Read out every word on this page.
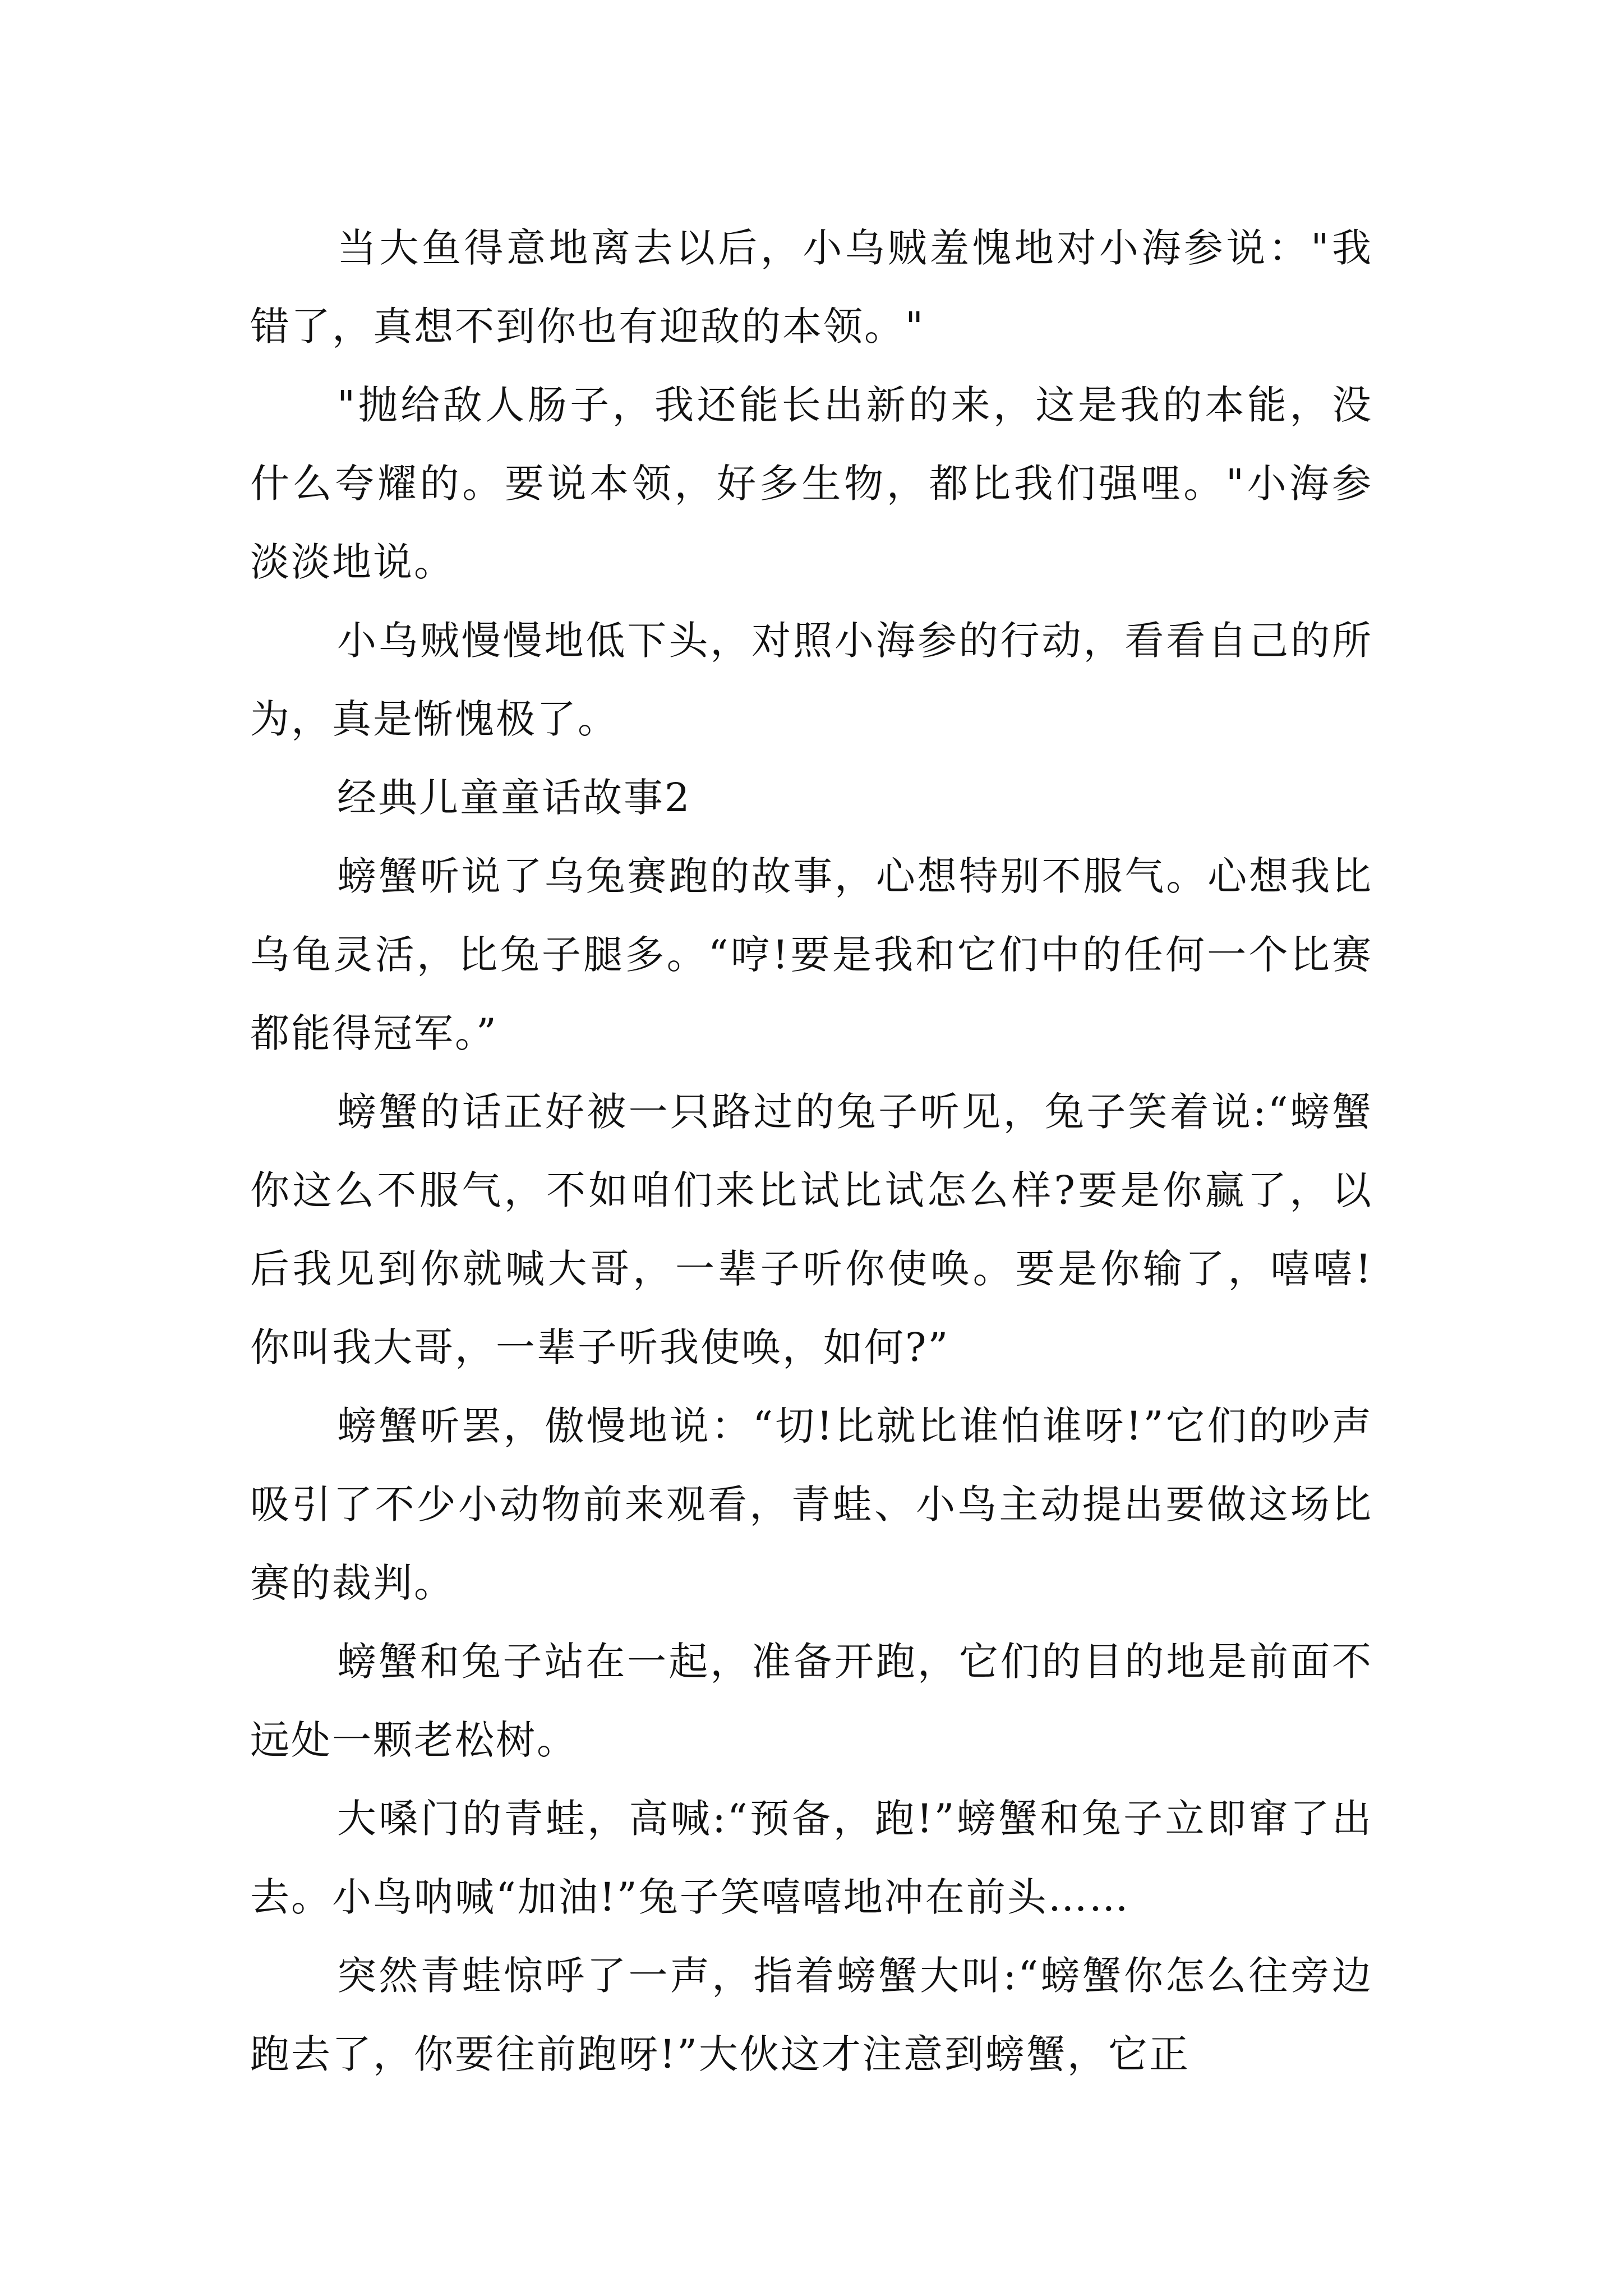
当大鱼得意地离去以后，小乌贼羞愧地对小海参说："我错了，真想不到你也有迎敌的本领。"

"抛给敌人肠子，我还能长出新的来，这是我的本能，没什么夸耀的。要说本领，好多生物，都比我们强哩。"小海参淡淡地说。

小乌贼慢慢地低下头，对照小海参的行动，看看自己的所为，真是惭愧极了。

经典儿童童话故事2

螃蟹听说了乌兔赛跑的故事，心想特别不服气。心想我比乌龟灵活，比兔子腿多。“哼!要是我和它们中的任何一个比赛都能得冠军。”

螃蟹的话正好被一只路过的兔子听见，兔子笑着说:“螃蟹你这么不服气，不如咱们来比试比试怎么样?要是你赢了，以后我见到你就喊大哥，一辈子听你使唤。要是你输了，嘻嘻!你叫我大哥，一辈子听我使唤，如何?”

螃蟹听罢，傲慢地说：“切!比就比谁怕谁呀!”它们的吵声吸引了不少小动物前来观看，青蛙、小鸟主动提出要做这场比赛的裁判。

螃蟹和兔子站在一起，准备开跑，它们的目的地是前面不远处一颗老松树。

大嗓门的青蛙，高喊:“预备，跑!”螃蟹和兔子立即窜了出去。小鸟呐喊“加油!”兔子笑嘻嘻地冲在前头……

突然青蛙惊呼了一声，指着螃蟹大叫:“螃蟹你怎么往旁边跑去了，你要往前跑呀!”大伙这才注意到螃蟹，它正
